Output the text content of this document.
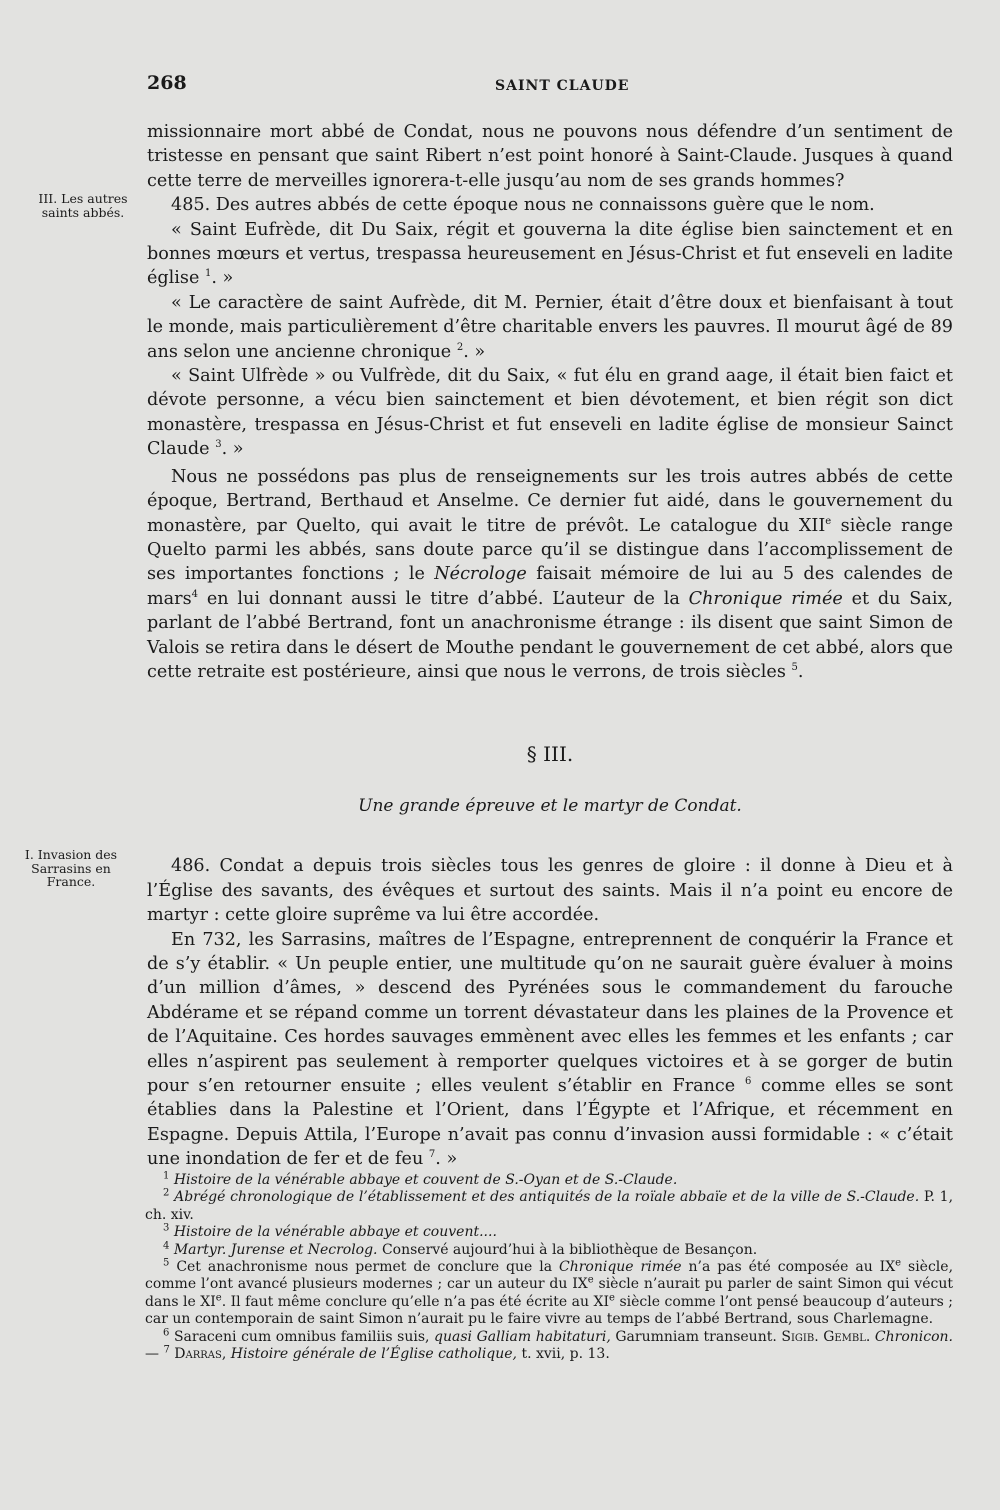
268	SAINT CLAUDE
III. Les autres saints abbés.
I. Invasion des Sarrasins en France.

missionnaire mort abbé de Condat, nous ne pouvons nous défendre d’un sentiment de tristesse en pensant que saint Ribert n’est point honoré à Saint-Claude. Jusques à quand cette terre de merveilles ignorera-t-elle jusqu’au nom de ses grands hommes?

485. Des autres abbés de cette époque nous ne connaissons guère que le nom.

« Saint Eufrède, dit Du Saix, régit et gouverna la dite église bien sainctement et en bonnes mœurs et vertus, trespassa heureusement en Jésus-Christ et fut enseveli en ladite église $^1$. »

« Le caractère de saint Aufrède, dit M. Pernier, était d’être doux et bienfaisant à tout le monde, mais particulièrement d’être charitable envers les pauvres. Il mourut âgé de 89 ans selon une ancienne chronique $^2$. »

« Saint Ulfrède » ou Vulfrède, dit du Saix, « fut élu en grand aage, il était bien faict et dévote personne, a vécu bien sainctement et bien dévotement, et bien régit son dict monastère, trespassa en Jésus-Christ et fut enseveli en ladite église de monsieur Sainct Claude $^3$. »

Nous ne possédons pas plus de renseignements sur les trois autres abbés de cette époque, Bertrand, Berthaud et Anselme. Ce dernier fut aidé, dans le gouvernement du monastère, par Quelto, qui avait le titre de prévôt. Le catalogue du XIIe siècle range Quelto parmi les abbés, sans doute parce qu’il se distingue dans l’accomplissement de ses importantes fonctions ; le Nécrologe faisait mémoire de lui au 5 des calendes de mars$^4$ en lui donnant aussi le titre d’abbé. L’auteur de la Chronique rimée et du Saix, parlant de l’abbé Bertrand, font un anachronisme étrange : ils disent que saint Simon de Valois se retira dans le désert de Mouthe pendant le gouvernement de cet abbé, alors que cette retraite est postérieure, ainsi que nous le verrons, de trois siècles $^5$.

§ III.
Une grande épreuve et le martyr de Condat.

486. Condat a depuis trois siècles tous les genres de gloire : il donne à Dieu et à l’Église des savants, des évêques et surtout des saints. Mais il n’a point eu encore de martyr : cette gloire suprême va lui être accordée.

En 732, les Sarrasins, maîtres de l’Espagne, entreprennent de conquérir la France et de s’y établir. « Un peuple entier, une multitude qu’on ne saurait guère évaluer à moins d’un million d’âmes, » descend des Pyrénées sous le commandement du farouche Abdérame et se répand comme un torrent dévastateur dans les plaines de la Provence et de l’Aquitaine. Ces hordes sauvages emmènent avec elles les femmes et les enfants ; car elles n’aspirent pas seulement à remporter quelques victoires et à se gorger de butin pour s’en retourner ensuite ; elles veulent s’établir en France $^6$ comme elles se sont établies dans la Palestine et l’Orient, dans l’Égypte et l’Afrique, et récemment en Espagne. Depuis Attila, l’Europe n’avait pas connu d’invasion aussi formidable : « c’était une inondation de fer et de feu $^7$. »

$^1$ Histoire de la vénérable abbaye et couvent de S.-Oyan et de S.-Claude.

$^2$ Abrégé chronologique de l’établissement et des antiquités de la roïale abbaïe et de la ville de S.-Claude. P. 1, ch. xiv.

$^3$ Histoire de la vénérable abbaye et couvent....

$^4$ Martyr. Jurense et Necrolog. Conservé aujourd’hui à la bibliothèque de Besançon.

$^5$ Cet anachronisme nous permet de conclure que la Chronique rimée n’a pas été composée au IXe siècle, comme l’ont avancé plusieurs modernes ; car un auteur du IXe siècle n’aurait pu parler de saint Simon qui vécut dans le XIe. Il faut même conclure qu’elle n’a pas été écrite au XIe siècle comme l’ont pensé beaucoup d’auteurs ; car un contemporain de saint Simon n’aurait pu le faire vivre au temps de l’abbé Bertrand, sous Charlemagne.

$^6$ Saraceni cum omnibus familiis suis, quasi Galliam habitaturi, Garumniam transeunt. Sigib. Gembl. Chronicon. — $^7$ Darras, Histoire générale de l’Église catholique, t. xvii, p. 13.
